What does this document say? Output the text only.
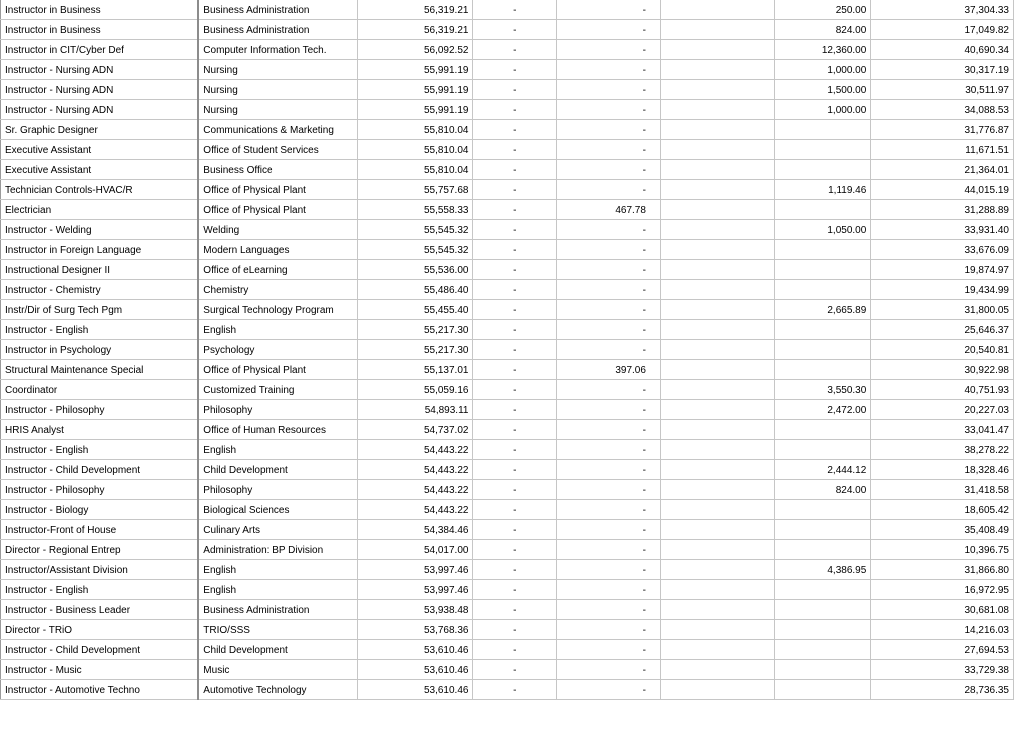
Instructor in Business	Business Administration	56,319.21	-	-		250.00	37,304.33
Instructor in Business	Business Administration	56,319.21	-	-		824.00	17,049.82
Instructor in CIT/Cyber Def	Computer Information Tech.	56,092.52	-	-		12,360.00	40,690.34
Instructor - Nursing ADN	Nursing	55,991.19	-	-		1,000.00	30,317.19
Instructor - Nursing ADN	Nursing	55,991.19	-	-		1,500.00	30,511.97
Instructor - Nursing ADN	Nursing	55,991.19	-	-		1,000.00	34,088.53
Sr. Graphic Designer	Communications & Marketing	55,810.04	-	-			31,776.87
Executive Assistant	Office of Student Services	55,810.04	-	-			11,671.51
Executive Assistant	Business Office	55,810.04	-	-			21,364.01
Technician Controls-HVAC/R	Office of Physical Plant	55,757.68	-	-		1,119.46	44,015.19
Electrician	Office of Physical Plant	55,558.33	-	467.78			31,288.89
Instructor - Welding	Welding	55,545.32	-	-		1,050.00	33,931.40
Instructor in Foreign Language	Modern Languages	55,545.32	-	-			33,676.09
Instructional Designer II	Office of eLearning	55,536.00	-	-			19,874.97
Instructor - Chemistry	Chemistry	55,486.40	-	-			19,434.99
Instr/Dir of Surg Tech Pgm	Surgical Technology Program	55,455.40	-	-		2,665.89	31,800.05
Instructor - English	English	55,217.30	-	-			25,646.37
Instructor in Psychology	Psychology	55,217.30	-	-			20,540.81
Structural Maintenance Special	Office of Physical Plant	55,137.01	-	397.06			30,922.98
Coordinator	Customized Training	55,059.16	-	-		3,550.30	40,751.93
Instructor - Philosophy	Philosophy	54,893.11	-	-		2,472.00	20,227.03
HRIS Analyst	Office of Human Resources	54,737.02	-	-			33,041.47
Instructor - English	English	54,443.22	-	-			38,278.22
Instructor - Child Development	Child Development	54,443.22	-	-		2,444.12	18,328.46
Instructor - Philosophy	Philosophy	54,443.22	-	-		824.00	31,418.58
Instructor - Biology	Biological Sciences	54,443.22	-	-			18,605.42
Instructor-Front of House	Culinary Arts	54,384.46	-	-			35,408.49
Director - Regional Entrep	Administration: BP Division	54,017.00	-	-			10,396.75
Instructor/Assistant Division	English	53,997.46	-	-		4,386.95	31,866.80
Instructor - English	English	53,997.46	-	-			16,972.95
Instructor - Business Leader	Business Administration	53,938.48	-	-			30,681.08
Director - TRiO	TRIO/SSS	53,768.36	-	-			14,216.03
Instructor - Child Development	Child Development	53,610.46	-	-			27,694.53
Instructor - Music	Music	53,610.46	-	-			33,729.38
Instructor - Automotive Techno	Automotive Technology	53,610.46	-	-			28,736.35
